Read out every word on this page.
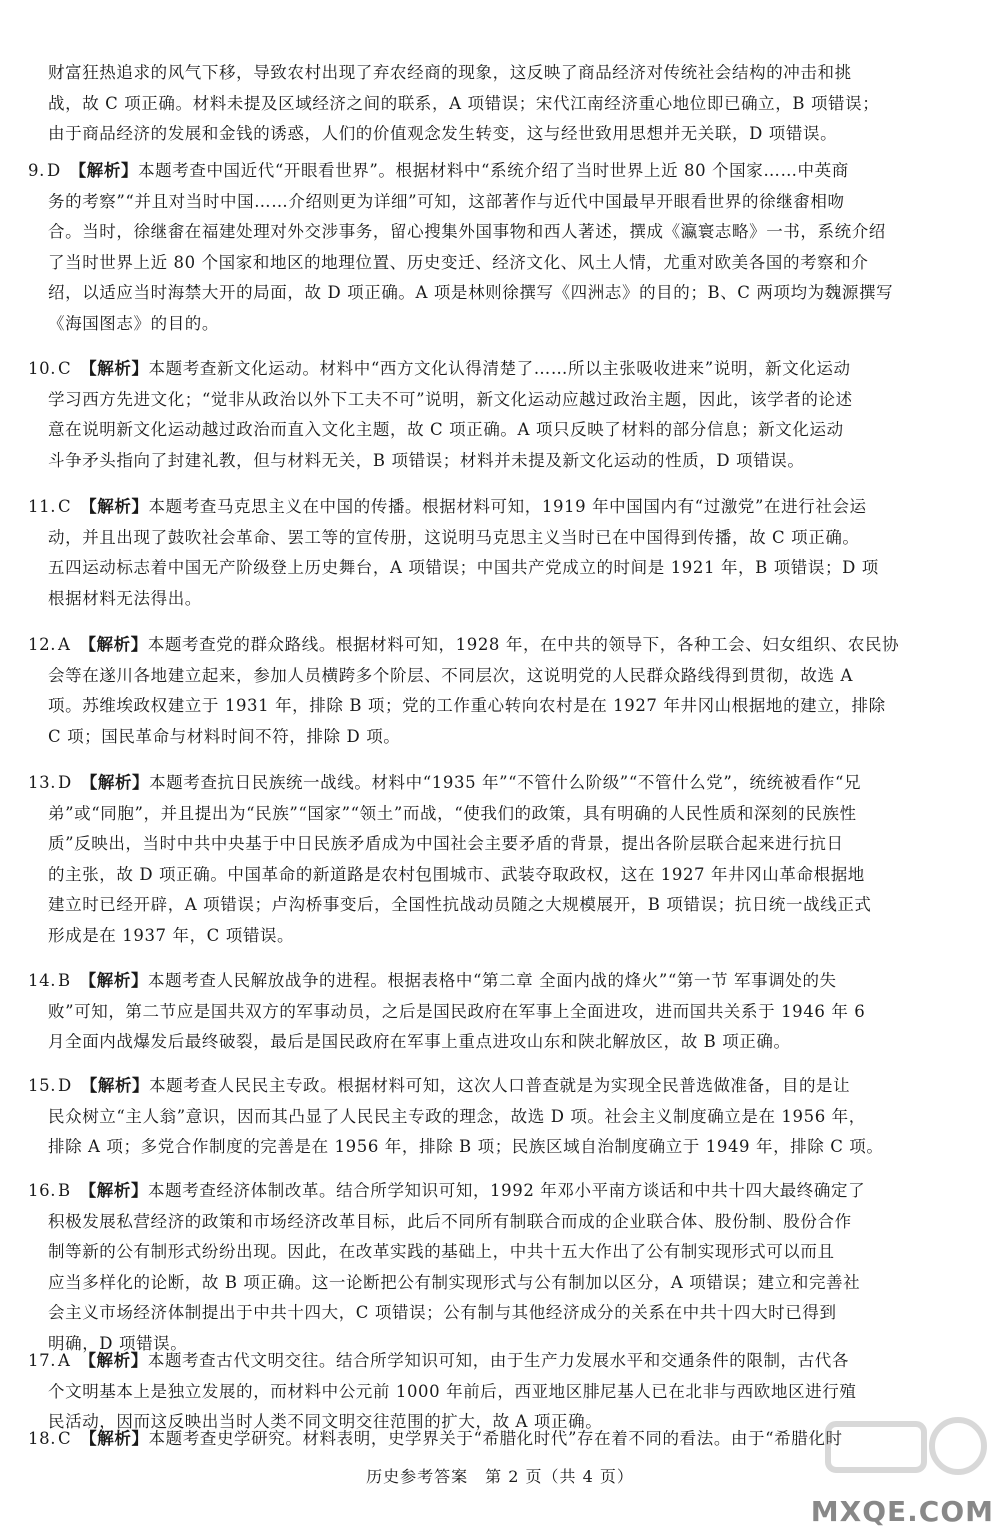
财富狂热追求的风气下移，导致农村出现了弃农经商的现象，这反映了商品经济对传统社会结构的冲击和挑
战，故 C 项正确。材料未提及区域经济之间的联系，A 项错误；宋代江南经济重心地位即已确立，B 项错误；
由于商品经济的发展和金钱的诱惑，人们的价值观念发生转变，这与经世致用思想并无关联，D 项错误。
9. D　 【解析】本题考查中国近代“开眼看世界”。根据材料中“系统介绍了当时世界上近 80 个国家……中英商
务的考察”“并且对当时中国……介绍则更为详细”可知，这部著作与近代中国最早开眼看世界的徐继畬相吻
合。当时，徐继畬在福建处理对外交涉事务，留心搜集外国事物和西人著述，撰成《瀛寰志略》一书，系统介绍
了当时世界上近 80 个国家和地区的地理位置、历史变迁、经济文化、风土人情，尤重对欧美各国的考察和介
绍，以适应当时海禁大开的局面，故 D 项正确。A 项是林则徐撰写《四洲志》的目的；B、C 两项均为魏源撰写
《海国图志》的目的。
10. C　 【解析】本题考查新文化运动。材料中“西方文化认得清楚了……所以主张吸收进来”说明，新文化运动
学习西方先进文化；“觉非从政治以外下工夫不可”说明，新文化运动应越过政治主题，因此，该学者的论述
意在说明新文化运动越过政治而直入文化主题，故 C 项正确。A 项只反映了材料的部分信息；新文化运动
斗争矛头指向了封建礼教，但与材料无关，B 项错误；材料并未提及新文化运动的性质，D 项错误。
11. C　 【解析】本题考查马克思主义在中国的传播。根据材料可知，1919 年中国国内有“过激党”在进行社会运
动，并且出现了鼓吹社会革命、罢工等的宣传册，这说明马克思主义当时已在中国得到传播，故 C 项正确。
五四运动标志着中国无产阶级登上历史舞台，A 项错误；中国共产党成立的时间是 1921 年，B 项错误；D 项
根据材料无法得出。
12. A　 【解析】本题考查党的群众路线。根据材料可知，1928 年，在中共的领导下，各种工会、妇女组织、农民协
会等在遂川各地建立起来，参加人员横跨多个阶层、不同层次，这说明党的人民群众路线得到贯彻，故选 A
项。苏维埃政权建立于 1931 年，排除 B 项；党的工作重心转向农村是在 1927 年井冈山根据地的建立，排除
C 项；国民革命与材料时间不符，排除 D 项。
13. D　 【解析】本题考查抗日民族统一战线。材料中“1935 年”“不管什么阶级”“不管什么党”，统统被看作“兄
弟”或“同胞”，并且提出为“民族”“国家”“领土”而战，“使我们的政策，具有明确的人民性质和深刻的民族性
质”反映出，当时中共中央基于中日民族矛盾成为中国社会主要矛盾的背景，提出各阶层联合起来进行抗日
的主张，故 D 项正确。中国革命的新道路是农村包围城市、武装夺取政权，这在 1927 年井冈山革命根据地
建立时已经开辟，A 项错误；卢沟桥事变后，全国性抗战动员随之大规模展开，B 项错误；抗日统一战线正式
形成是在 1937 年，C 项错误。
14. B　 【解析】本题考查人民解放战争的进程。根据表格中“第二章 全面内战的烽火”“第一节 军事调处的失
败”可知，第二节应是国共双方的军事动员，之后是国民政府在军事上全面进攻，进而国共关系于 1946 年 6
月全面内战爆发后最终破裂，最后是国民政府在军事上重点进攻山东和陕北解放区，故 B 项正确。
15. D　 【解析】本题考查人民民主专政。根据材料可知，这次人口普查就是为实现全民普选做准备，目的是让
民众树立“主人翁”意识，因而其凸显了人民民主专政的理念，故选 D 项。社会主义制度确立是在 1956 年，
排除 A 项；多党合作制度的完善是在 1956 年，排除 B 项；民族区域自治制度确立于 1949 年，排除 C 项。
16. B　 【解析】本题考查经济体制改革。结合所学知识可知，1992 年邓小平南方谈话和中共十四大最终确定了
积极发展私营经济的政策和市场经济改革目标，此后不同所有制联合而成的企业联合体、股份制、股份合作
制等新的公有制形式纷纷出现。因此，在改革实践的基础上，中共十五大作出了公有制实现形式可以而且
应当多样化的论断，故 B 项正确。这一论断把公有制实现形式与公有制加以区分，A 项错误；建立和完善社
会主义市场经济体制提出于中共十四大，C 项错误；公有制与其他经济成分的关系在中共十四大时已得到
明确，D 项错误。
17. A　 【解析】本题考查古代文明交往。结合所学知识可知，由于生产力发展水平和交通条件的限制，古代各
个文明基本上是独立发展的，而材料中公元前 1000 年前后，西亚地区腓尼基人已在北非与西欧地区进行殖
民活动，因而这反映出当时人类不同文明交往范围的扩大，故 A 项正确。
18. C　 【解析】本题考查史学研究。材料表明，史学界关于“希腊化时代”存在着不同的看法。由于“希腊化时
历史参考答案　第 2 页（共 4 页）
MXQE.COM
